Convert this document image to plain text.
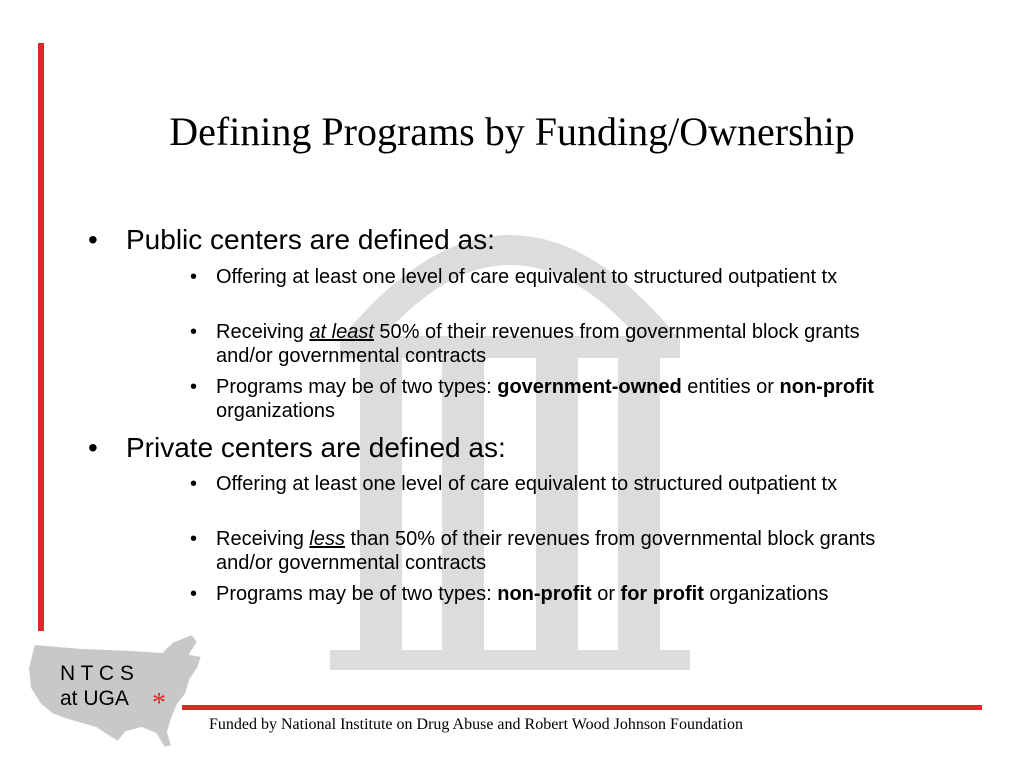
Defining Programs by Funding/Ownership
• Public centers are defined as:
• Offering at least one level of care equivalent to structured outpatient tx
• Receiving at least 50% of their revenues from governmental block grants and/or governmental contracts
• Programs may be of two types: government-owned entities or non-profit organizations
• Private centers are defined as:
• Offering at least one level of care equivalent to structured outpatient tx
• Receiving less than 50% of their revenues from governmental block grants and/or governmental contracts
• Programs may be of two types: non-profit or for profit organizations
N T C S
at UGA *
Funded by National Institute on Drug Abuse and Robert Wood Johnson Foundation
